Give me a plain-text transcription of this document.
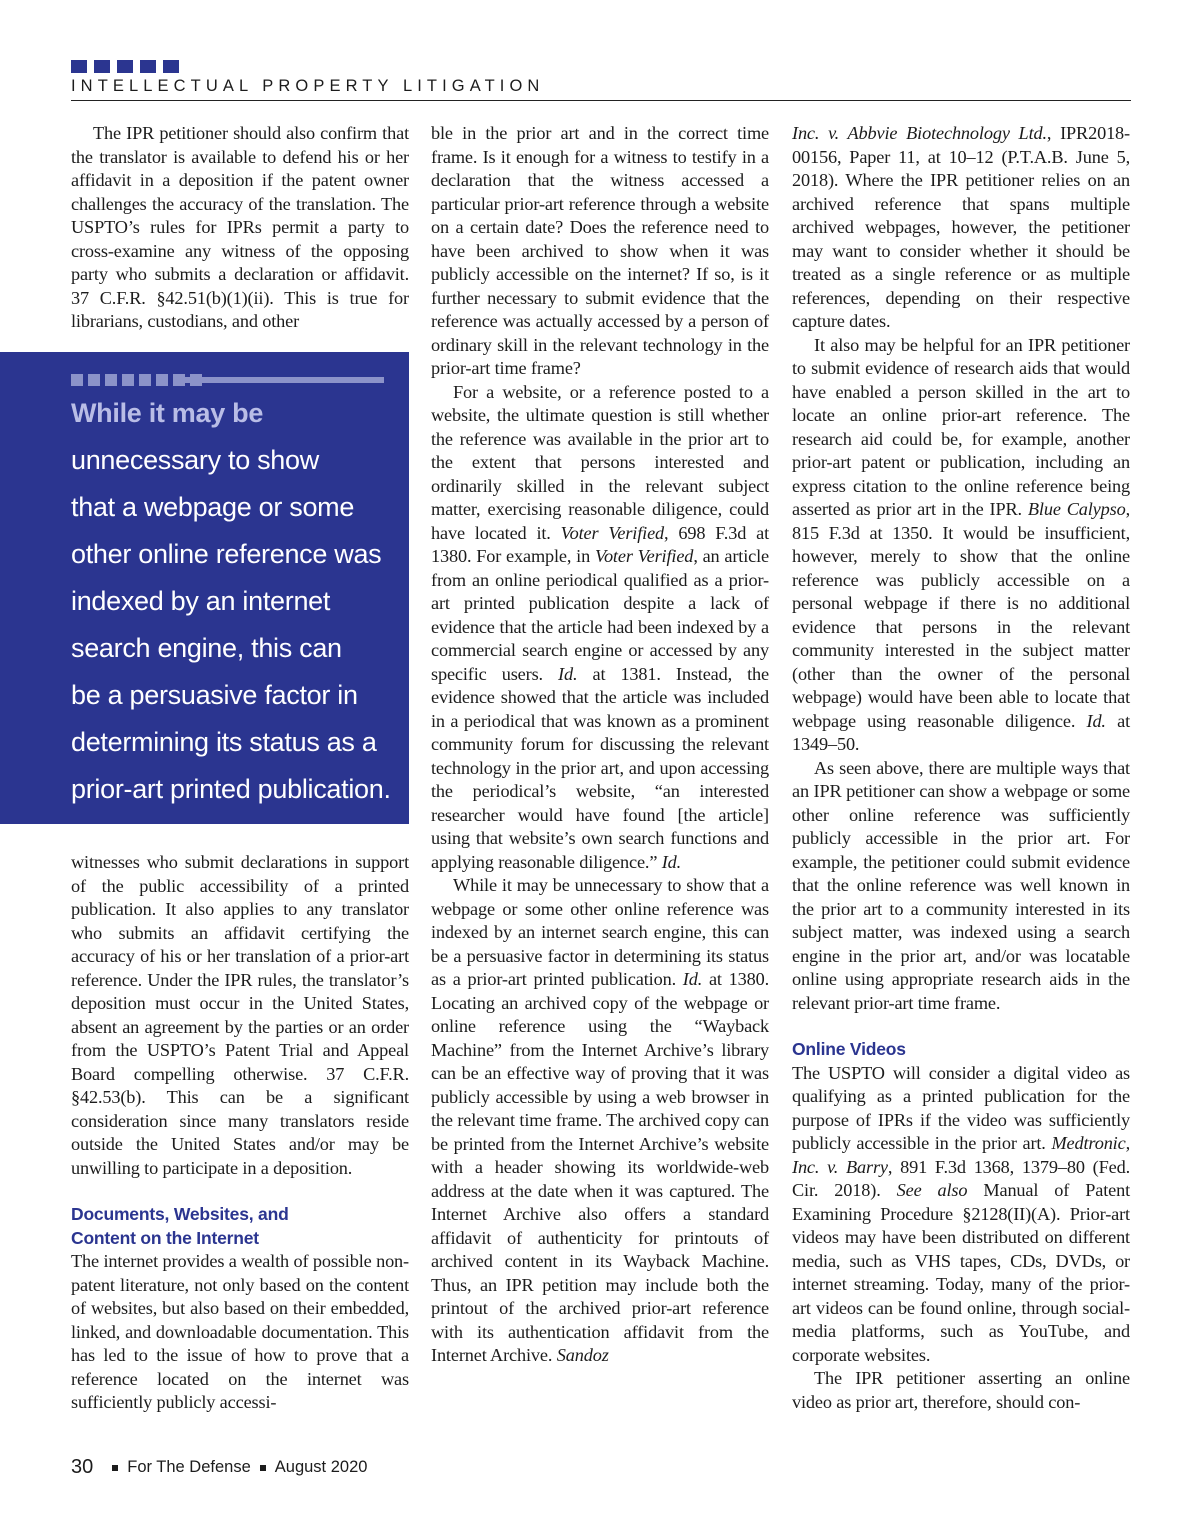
INTELLECTUAL PROPERTY LITIGATION

The IPR petitioner should also confirm that the translator is available to defend his or her affidavit in a deposition if the patent owner challenges the accuracy of the translation. The USPTO’s rules for IPRs permit a party to cross-examine any witness of the opposing party who submits a declaration or affidavit. 37 C.F.R. §42.51(b)(1)(ii). This is true for librarians, custodians, and other

While it may be
unnecessary to show
that a webpage or some
other online reference was
indexed by an internet
search engine, this can
be a persuasive factor in
determining its status as a
prior-art printed publication.

witnesses who submit declarations in support of the public accessibility of a printed publication. It also applies to any translator who submits an affidavit certifying the accuracy of his or her translation of a prior-art reference. Under the IPR rules, the translator’s deposition must occur in the United States, absent an agreement by the parties or an order from the USPTO’s Patent Trial and Appeal Board compelling otherwise. 37 C.F.R. §42.53(b). This can be a significant consideration since many translators reside outside the United States and/or may be unwilling to participate in a deposition.

Documents, Websites, and
Content on the Internet

The internet provides a wealth of possible non-patent literature, not only based on the content of websites, but also based on their embedded, linked, and downloadable documentation. This has led to the issue of how to prove that a reference located on the internet was sufficiently publicly accessi-

ble in the prior art and in the correct time frame. Is it enough for a witness to testify in a declaration that the witness accessed a particular prior-art reference through a website on a certain date? Does the reference need to have been archived to show when it was publicly accessible on the internet? If so, is it further necessary to submit evidence that the reference was actually accessed by a person of ordinary skill in the relevant technology in the prior-art time frame?

For a website, or a reference posted to a website, the ultimate question is still whether the reference was available in the prior art to the extent that persons interested and ordinarily skilled in the relevant subject matter, exercising reasonable diligence, could have located it. Voter Verified, 698 F.3d at 1380. For example, in Voter Verified, an article from an online periodical qualified as a prior-art printed publication despite a lack of evidence that the article had been indexed by a commercial search engine or accessed by any specific users. Id. at 1381. Instead, the evidence showed that the article was included in a periodical that was known as a prominent community forum for discussing the relevant technology in the prior art, and upon accessing the periodical’s website, “an interested researcher would have found [the article] using that website’s own search functions and applying reasonable diligence.” Id.

While it may be unnecessary to show that a webpage or some other online reference was indexed by an internet search engine, this can be a persuasive factor in determining its status as a prior-art printed publication. Id. at 1380. Locating an archived copy of the webpage or online reference using the “Wayback Machine” from the Internet Archive’s library can be an effective way of proving that it was publicly accessible by using a web browser in the relevant time frame. The archived copy can be printed from the Internet Archive’s website with a header showing its worldwide-web address at the date when it was captured. The Internet Archive also offers a standard affidavit of authenticity for printouts of archived content in its Wayback Machine. Thus, an IPR petition may include both the printout of the archived prior-art reference with its authentication affidavit from the Internet Archive. Sandoz

Inc. v. Abbvie Biotechnology Ltd., IPR2018-00156, Paper 11, at 10–12 (P.T.A.B. June 5, 2018). Where the IPR petitioner relies on an archived reference that spans multiple archived webpages, however, the petitioner may want to consider whether it should be treated as a single reference or as multiple references, depending on their respective capture dates.

It also may be helpful for an IPR petitioner to submit evidence of research aids that would have enabled a person skilled in the art to locate an online prior-art reference. The research aid could be, for example, another prior-art patent or publication, including an express citation to the online reference being asserted as prior art in the IPR. Blue Calypso, 815 F.3d at 1350. It would be insufficient, however, merely to show that the online reference was publicly accessible on a personal webpage if there is no additional evidence that persons in the relevant community interested in the subject matter (other than the owner of the personal webpage) would have been able to locate that webpage using reasonable diligence. Id. at 1349–50.

As seen above, there are multiple ways that an IPR petitioner can show a webpage or some other online reference was sufficiently publicly accessible in the prior art. For example, the petitioner could submit evidence that the online reference was well known in the prior art to a community interested in its subject matter, was indexed using a search engine in the prior art, and/or was locatable online using appropriate research aids in the relevant prior-art time frame.

Online Videos

The USPTO will consider a digital video as qualifying as a printed publication for the purpose of IPRs if the video was sufficiently publicly accessible in the prior art. Medtronic, Inc. v. Barry, 891 F.3d 1368, 1379–80 (Fed. Cir. 2018). See also Manual of Patent Examining Procedure §2128(II)(A). Prior-art videos may have been distributed on different media, such as VHS tapes, CDs, DVDs, or internet streaming. Today, many of the prior-art videos can be found online, through social-media platforms, such as YouTube, and corporate websites.

The IPR petitioner asserting an online video as prior art, therefore, should con-

30 For The Defense August 2020
